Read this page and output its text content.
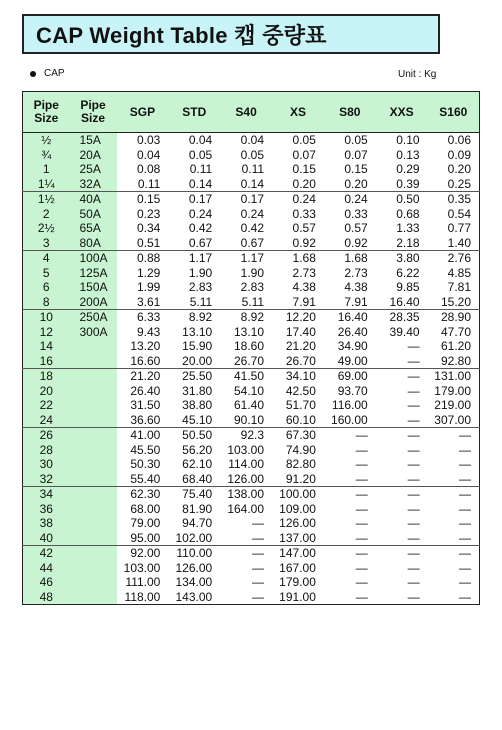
CAP Weight Table 캡 중량표
CAP	Unit : Kg
Pipe Size	Pipe Size	SGP	STD	S40	XS	S80	XXS	S160
½	15A	0.03	0.04	0.04	0.05	0.05	0.10	0.06
¾	20A	0.04	0.05	0.05	0.07	0.07	0.13	0.09
1	25A	0.08	0.11	0.11	0.15	0.15	0.29	0.20
1¼	32A	0.11	0.14	0.14	0.20	0.20	0.39	0.25
1½	40A	0.15	0.17	0.17	0.24	0.24	0.50	0.35
2	50A	0.23	0.24	0.24	0.33	0.33	0.68	0.54
2½	65A	0.34	0.42	0.42	0.57	0.57	1.33	0.77
3	80A	0.51	0.67	0.67	0.92	0.92	2.18	1.40
4	100A	0.88	1.17	1.17	1.68	1.68	3.80	2.76
5	125A	1.29	1.90	1.90	2.73	2.73	6.22	4.85
6	150A	1.99	2.83	2.83	4.38	4.38	9.85	7.81
8	200A	3.61	5.11	5.11	7.91	7.91	16.40	15.20
10	250A	6.33	8.92	8.92	12.20	16.40	28.35	28.90
12	300A	9.43	13.10	13.10	17.40	26.40	39.40	47.70
14		13.20	15.90	18.60	21.20	34.90	—	61.20
16		16.60	20.00	26.70	26.70	49.00	—	92.80
18		21.20	25.50	41.50	34.10	69.00	—	131.00
20		26.40	31.80	54.10	42.50	93.70	—	179.00
22		31.50	38.80	61.40	51.70	116.00	—	219.00
24		36.60	45.10	90.10	60.10	160.00	—	307.00
26		41.00	50.50	92.3	67.30	—	—	—
28		45.50	56.20	103.00	74.90	—	—	—
30		50.30	62.10	114.00	82.80	—	—	—
32		55.40	68.40	126.00	91.20	—	—	—
34		62.30	75.40	138.00	100.00	—	—	—
36		68.00	81.90	164.00	109.00	—	—	—
38		79.00	94.70	—	126.00	—	—	—
40		95.00	102.00	—	137.00	—	—	—
42		92.00	110.00	—	147.00	—	—	—
44		103.00	126.00	—	167.00	—	—	—
46		111.00	134.00	—	179.00	—	—	—
48		118.00	143.00	—	191.00	—	—	—
